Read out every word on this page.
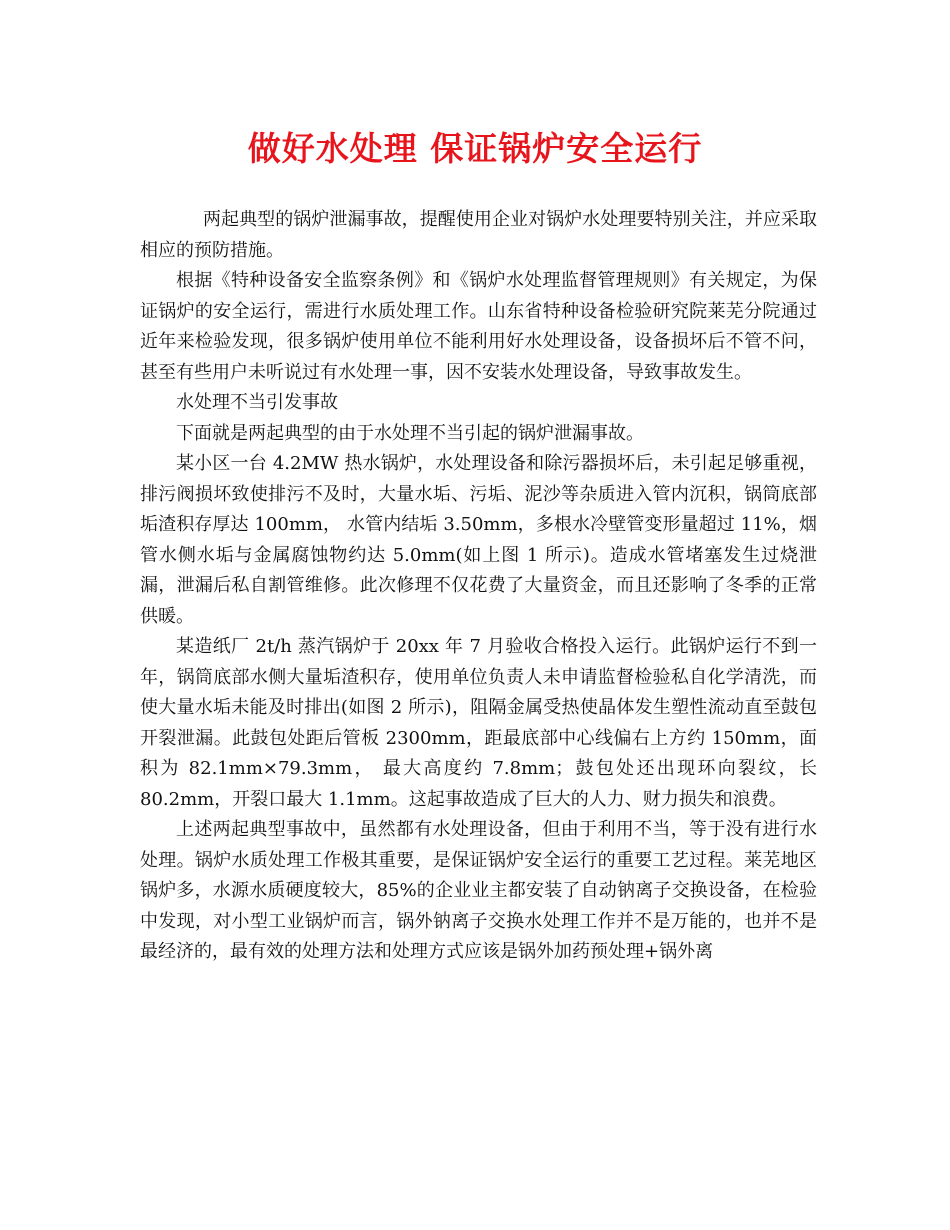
做好水处理 保证锅炉安全运行

两起典型的锅炉泄漏事故，提醒使用企业对锅炉水处理要特别关注，并应采取相应的预防措施。

根据《特种设备安全监察条例》和《锅炉水处理监督管理规则》有关规定，为保证锅炉的安全运行，需进行水质处理工作。山东省特种设备检验研究院莱芜分院通过近年来检验发现，很多锅炉使用单位不能利用好水处理设备，设备损坏后不管不问，甚至有些用户未听说过有水处理一事，因不安装水处理设备，导致事故发生。

水处理不当引发事故

下面就是两起典型的由于水处理不当引起的锅炉泄漏事故。

某小区一台 4.2MW 热水锅炉，水处理设备和除污器损坏后，未引起足够重视，排污阀损坏致使排污不及时，大量水垢、污垢、泥沙等杂质进入管内沉积，锅筒底部垢渣积存厚达 100mm， 水管内结垢 3.50mm，多根水冷壁管变形量超过 11%，烟管水侧水垢与金属腐蚀物约达 5.0mm(如上图 1 所示)。造成水管堵塞发生过烧泄漏，泄漏后私自割管维修。此次修理不仅花费了大量资金，而且还影响了冬季的正常供暖。

某造纸厂 2t/h 蒸汽锅炉于 20xx 年 7 月验收合格投入运行。此锅炉运行不到一年，锅筒底部水侧大量垢渣积存，使用单位负责人未申请监督检验私自化学清洗，而使大量水垢未能及时排出(如图 2 所示)，阻隔金属受热使晶体发生塑性流动直至鼓包开裂泄漏。此鼓包处距后管板 2300mm，距最底部中心线偏右上方约 150mm，面积为 82.1mm×79.3mm， 最大高度约 7.8mm；鼓包处还出现环向裂纹，长 80.2mm，开裂口最大 1.1mm。这起事故造成了巨大的人力、财力损失和浪费。

上述两起典型事故中，虽然都有水处理设备，但由于利用不当，等于没有进行水处理。锅炉水质处理工作极其重要，是保证锅炉安全运行的重要工艺过程。莱芜地区锅炉多，水源水质硬度较大，85%的企业业主都安装了自动钠离子交换设备，在检验中发现，对小型工业锅炉而言，锅外钠离子交换水处理工作并不是万能的，也并不是最经济的，最有效的处理方法和处理方式应该是锅外加药预处理+锅外离
